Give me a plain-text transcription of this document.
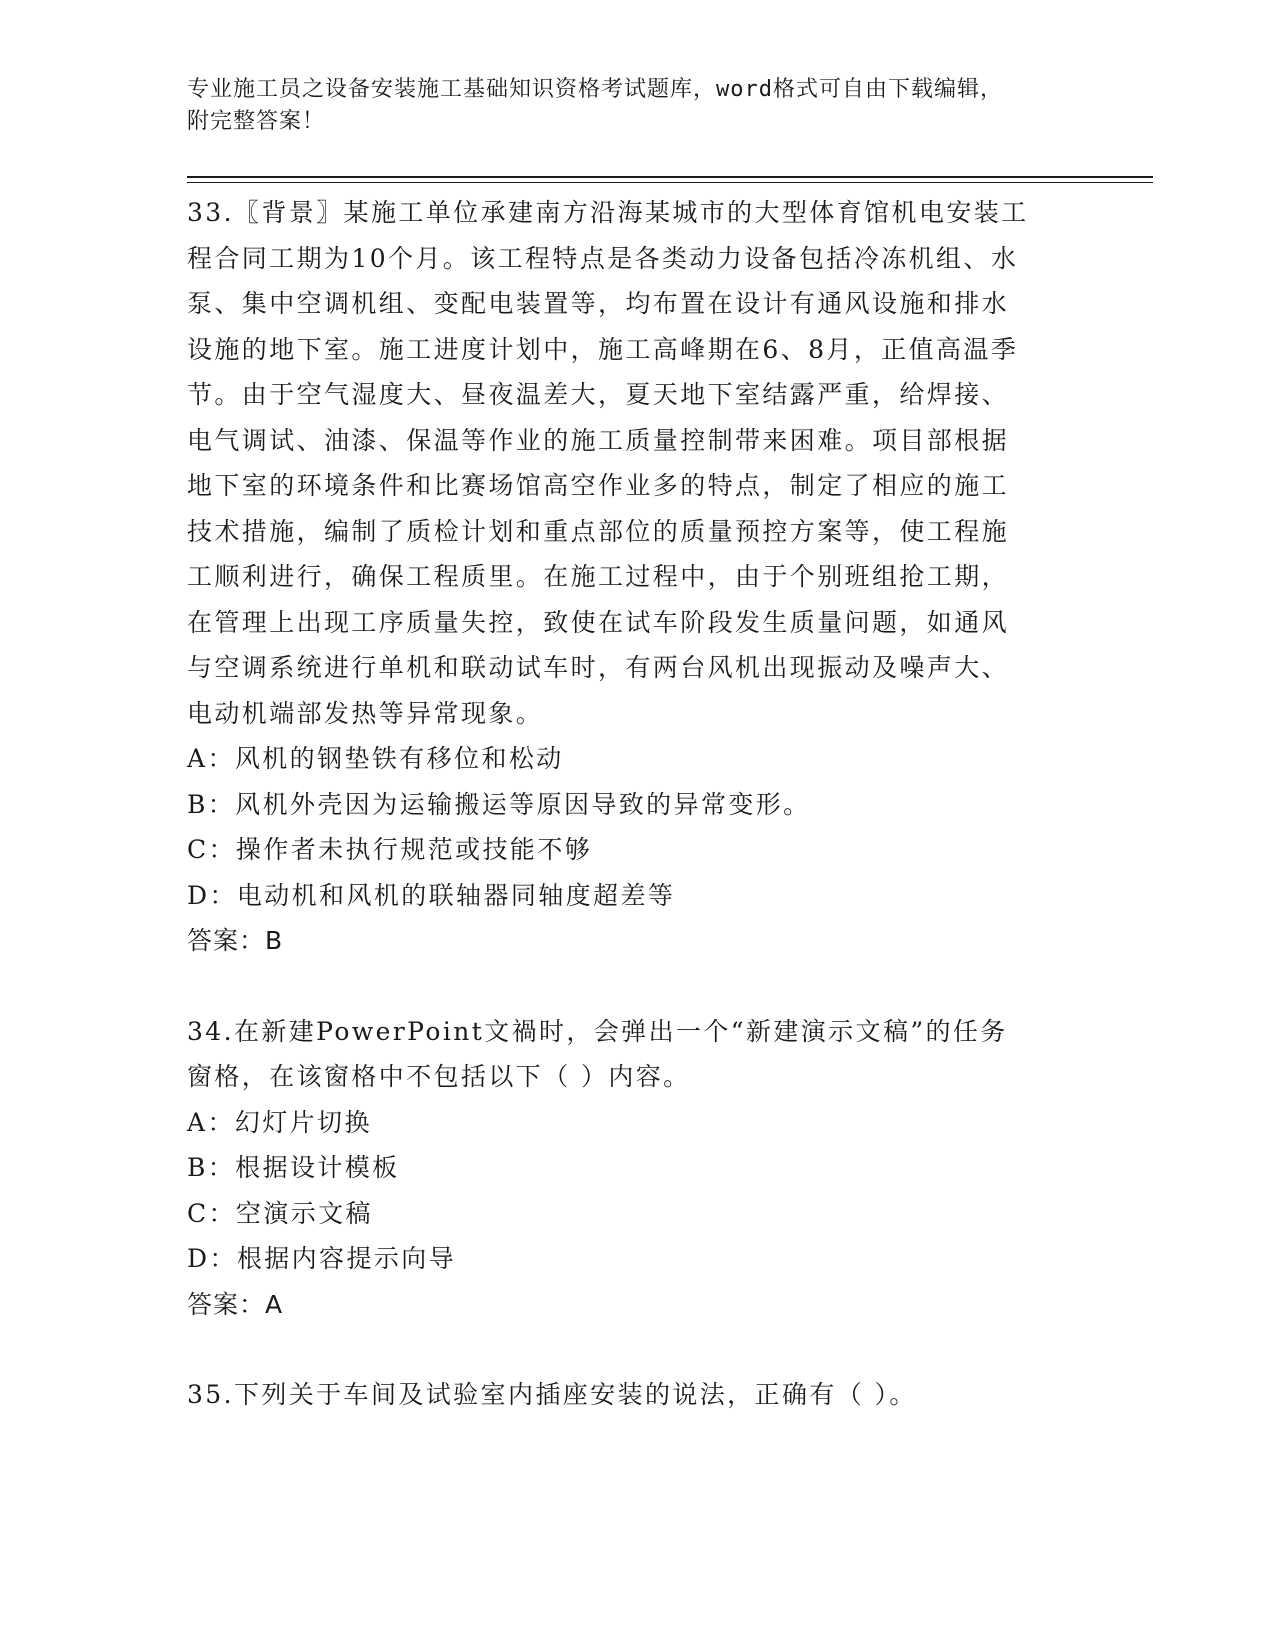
专业施工员之设备安装施工基础知识资格考试题库，word格式可自由下载编辑，
附完整答案！
33.〖背景〗某施工单位承建南方沿海某城市的大型体育馆机电安装工
程合同工期为10个月。该工程特点是各类动力设备包括冷冻机组、水
泵、集中空调机组、变配电装置等，均布置在设计有通风设施和排水
设施的地下室。施工进度计划中，施工高峰期在6、8月，正值高温季
节。由于空气湿度大、昼夜温差大，夏天地下室结露严重，给焊接、
电气调试、油漆、保温等作业的施工质量控制带来困难。项目部根据
地下室的环境条件和比赛场馆高空作业多的特点，制定了相应的施工
技术措施，编制了质检计划和重点部位的质量预控方案等，使工程施
工顺利进行，确保工程质里。在施工过程中，由于个别班组抢工期，
在管理上出现工序质量失控，致使在试车阶段发生质量问题，如通风
与空调系统进行单机和联动试车时，有两台风机出现振动及噪声大、
电动机端部发热等异常现象。
A：风机的钢垫铁有移位和松动
B：风机外壳因为运输搬运等原因导致的异常变形。
C：操作者未执行规范或技能不够
D：电动机和风机的联轴器同轴度超差等
答案：B
34.在新建PowerPoint文禍时，会弹出一个“新建演示文稿”的任务
窗格，在该窗格中不包括以下（ ）内容。
A：幻灯片切换
B：根据设计模板
C：空演示文稿
D：根据内容提示向导
答案：A
35.下列关于车间及试验室内插座安装的说法，正确有（ ）。
